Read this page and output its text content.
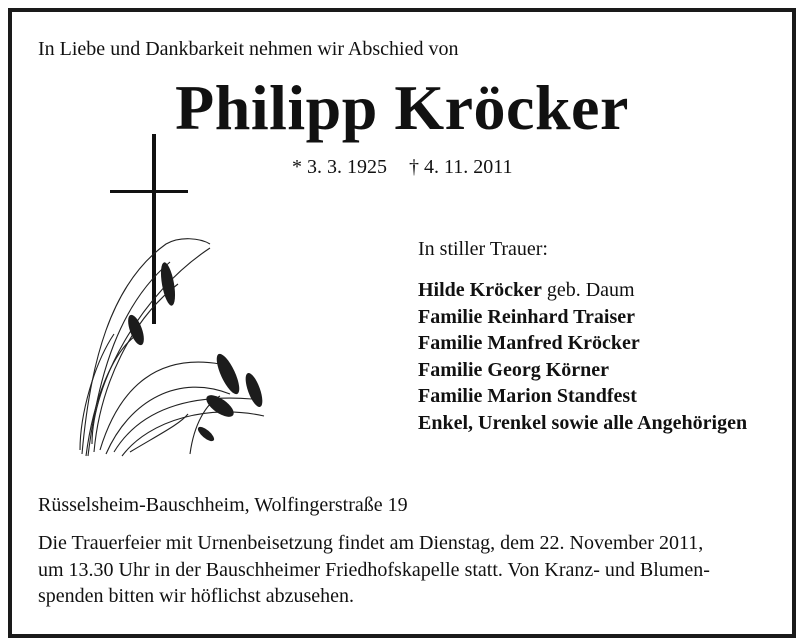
In Liebe und Dankbarkeit nehmen wir Abschied von
Philipp Kröcker
* 3. 3. 1925 † 4. 11. 2011
In stiller Trauer:
Hilde Kröcker geb. Daum
Familie Reinhard Traiser
Familie Manfred Kröcker
Familie Georg Körner
Familie Marion Standfest
Enkel, Urenkel sowie alle Angehörigen
Rüsselsheim-Bauschheim, Wolfingerstraße 19
Die Trauerfeier mit Urnenbeisetzung findet am Dienstag, dem 22. November 2011,
um 13.30 Uhr in der Bauschheimer Friedhofskapelle statt. Von Kranz- und Blumen-
spenden bitten wir höflichst abzusehen.
